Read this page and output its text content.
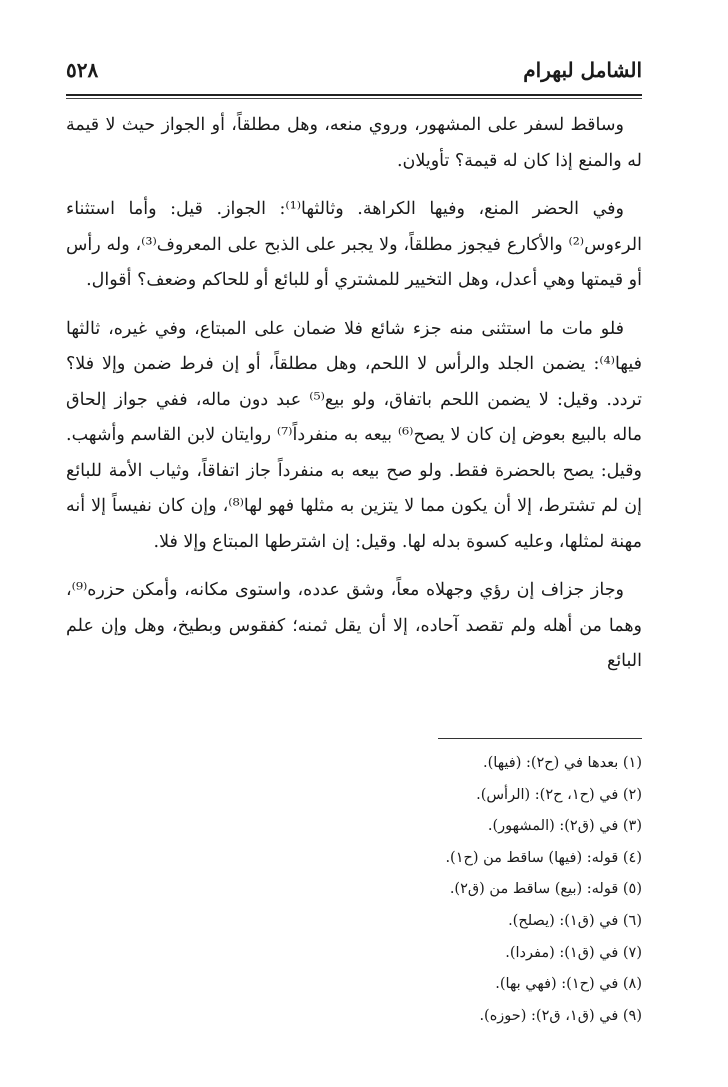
الشامل لبهرام
٥٢٨

وساقط لسفر على المشهور، وروي منعه، وهل مطلقاً، أو الجواز حيث لا قيمة له والمنع إذا كان له قيمة؟ تأويلان.

وفي الحضر المنع، وفيها الكراهة. وثالثها⁽¹⁾: الجواز. قيل: وأما استثناء الرءوس⁽²⁾ والأكارع فيجوز مطلقاً، ولا يجبر على الذبح على المعروف⁽³⁾، وله رأس أو قيمتها وهي أعدل، وهل التخيير للمشتري أو للبائع أو للحاكم وضعف؟ أقوال.

فلو مات ما استثنى منه جزء شائع فلا ضمان على المبتاع، وفي غيره، ثالثها فيها⁽⁴⁾: يضمن الجلد والرأس لا اللحم، وهل مطلقاً، أو إن فرط ضمن وإلا فلا؟ تردد. وقيل: لا يضمن اللحم باتفاق، ولو بيع⁽⁵⁾ عبد دون ماله، ففي جواز إلحاق ماله بالبيع بعوض إن كان لا يصح⁽⁶⁾ بيعه به منفرداً⁽⁷⁾ روايتان لابن القاسم وأشهب. وقيل: يصح بالحضرة فقط. ولو صح بيعه به منفرداً جاز اتفاقاً، وثياب الأمة للبائع إن لم تشترط، إلا أن يكون مما لا يتزين به مثلها فهو لها⁽⁸⁾، وإن كان نفيساً إلا أنه مهنة لمثلها، وعليه كسوة بدله لها. وقيل: إن اشترطها المبتاع وإلا فلا.

وجاز جزاف إن رؤي وجهلاه معاً، وشق عدده، واستوى مكانه، وأمكن حزره⁽⁹⁾، وهما من أهله ولم تقصد آحاده، إلا أن يقل ثمنه؛ كفقوس وبطيخ، وهل وإن علم البائع

(١) بعدها في (ح٢): (فيها).
(٢) في (ح١، ح٢): (الرأس).
(٣) في (ق٢): (المشهور).
(٤) قوله: (فيها) ساقط من (ح١).
(٥) قوله: (بيع) ساقط من (ق٢).
(٦) في (ق١): (يصلح).
(٧) في (ق١): (مفردا).
(٨) في (ح١): (فهي بها).
(٩) في (ق١، ق٢): (حوزه).
